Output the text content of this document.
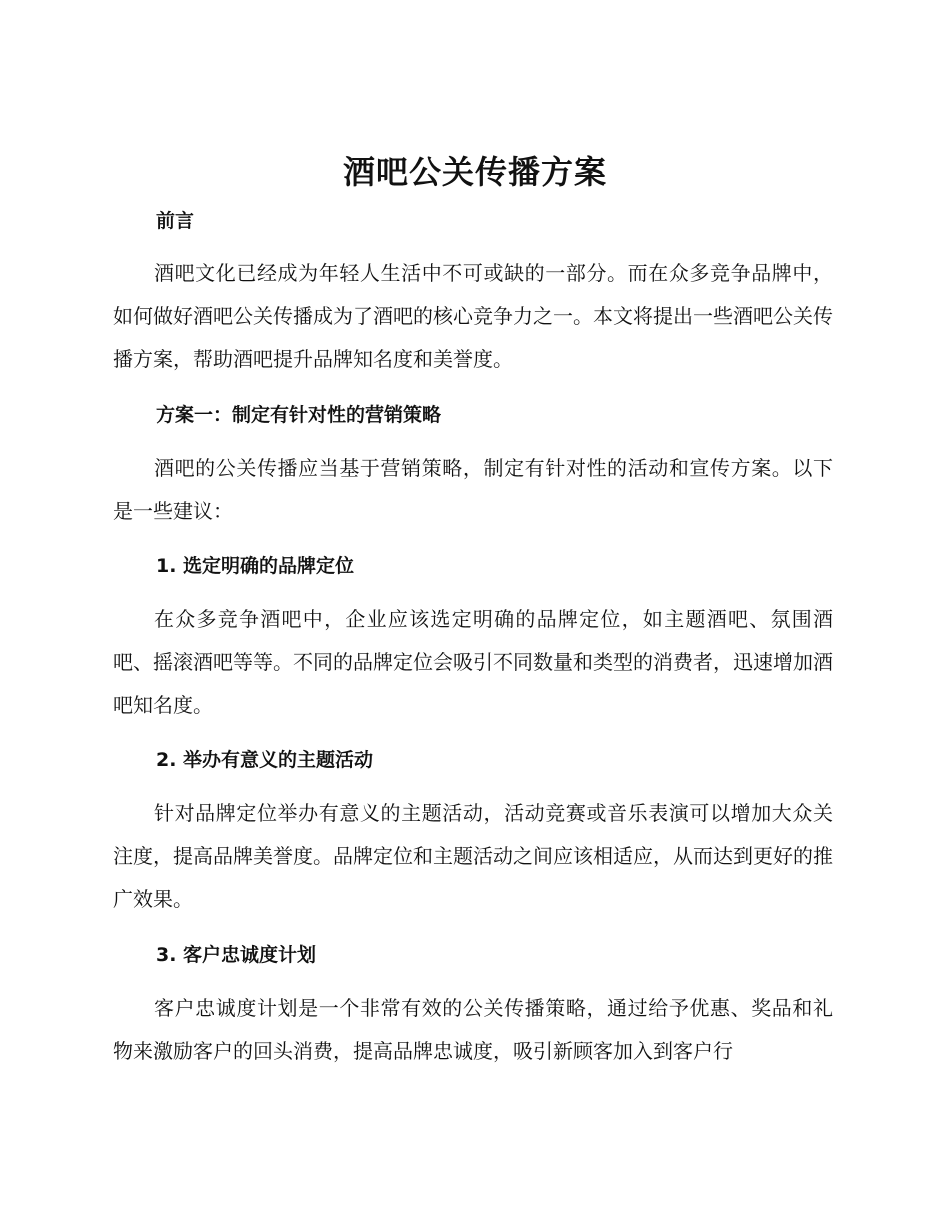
酒吧公关传播方案
前言

酒吧文化已经成为年轻人生活中不可或缺的一部分。而在众多竞争品牌中，如何做好酒吧公关传播成为了酒吧的核心竞争力之一。本文将提出一些酒吧公关传播方案，帮助酒吧提升品牌知名度和美誉度。

方案一：制定有针对性的营销策略

酒吧的公关传播应当基于营销策略，制定有针对性的活动和宣传方案。以下是一些建议：

1. 选定明确的品牌定位

在众多竞争酒吧中，企业应该选定明确的品牌定位，如主题酒吧、氛围酒吧、摇滚酒吧等等。不同的品牌定位会吸引不同数量和类型的消费者，迅速增加酒吧知名度。

2. 举办有意义的主题活动

针对品牌定位举办有意义的主题活动，活动竞赛或音乐表演可以增加大众关注度，提高品牌美誉度。品牌定位和主题活动之间应该相适应，从而达到更好的推广效果。

3. 客户忠诚度计划

客户忠诚度计划是一个非常有效的公关传播策略，通过给予优惠、奖品和礼物来激励客户的回头消费，提高品牌忠诚度，吸引新顾客加入到客户行
